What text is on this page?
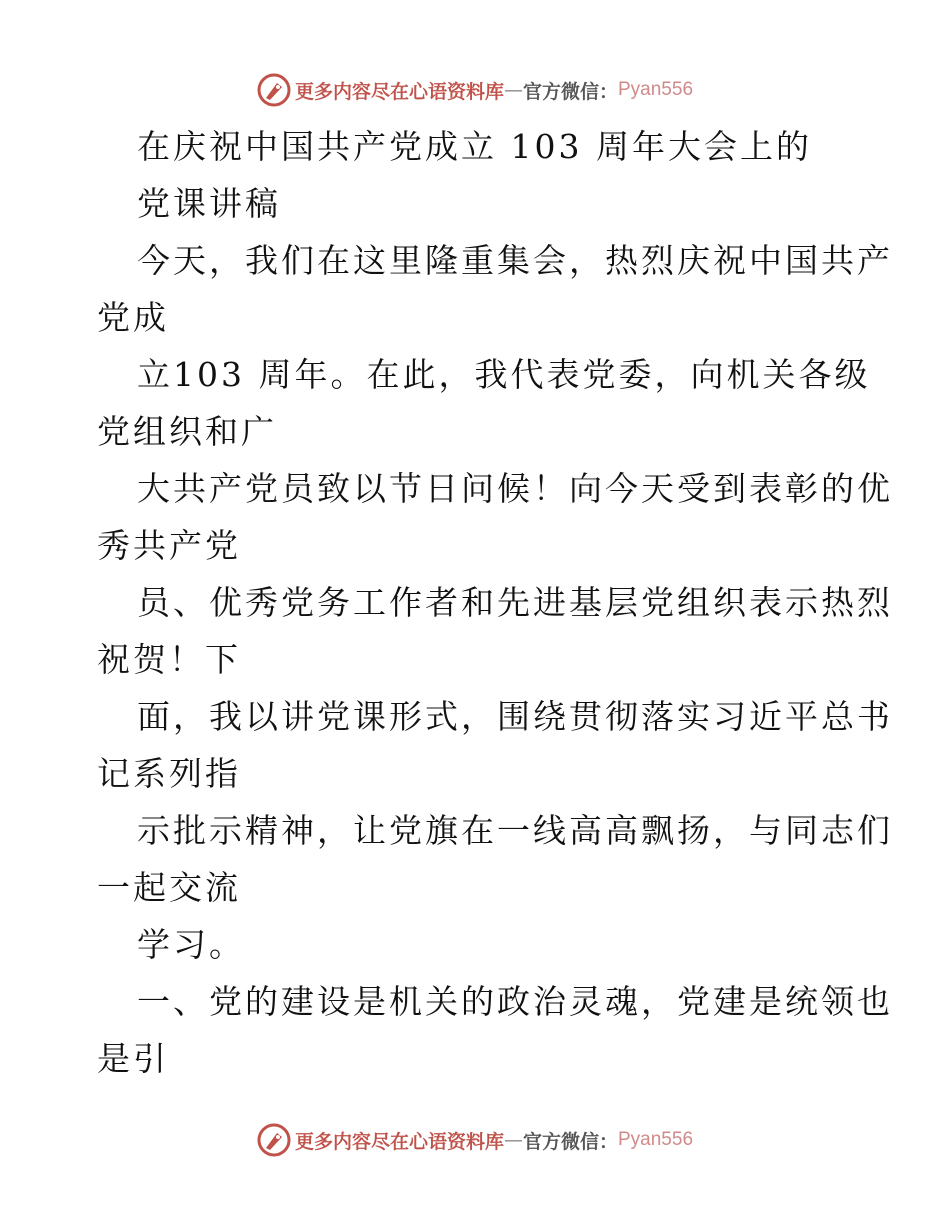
更多内容尽在心语资料库 — 官方微信： Pyan556

在庆祝中国共产党成立 103 周年大会上的

党课讲稿

今天，我们在这里隆重集会，热烈庆祝中国共产

党成

立103 周年。在此，我代表党委，向机关各级

党组织和广

大共产党员致以节日问候！向今天受到表彰的优

秀共产党

员、优秀党务工作者和先进基层党组织表示热烈

祝贺！下

面，我以讲党课形式，围绕贯彻落实习近平总书

记系列指

示批示精神，让党旗在一线高高飘扬，与同志们

一起交流

学习。

一、党的建设是机关的政治灵魂，党建是统领也

是引

更多内容尽在心语资料库 — 官方微信： Pyan556
